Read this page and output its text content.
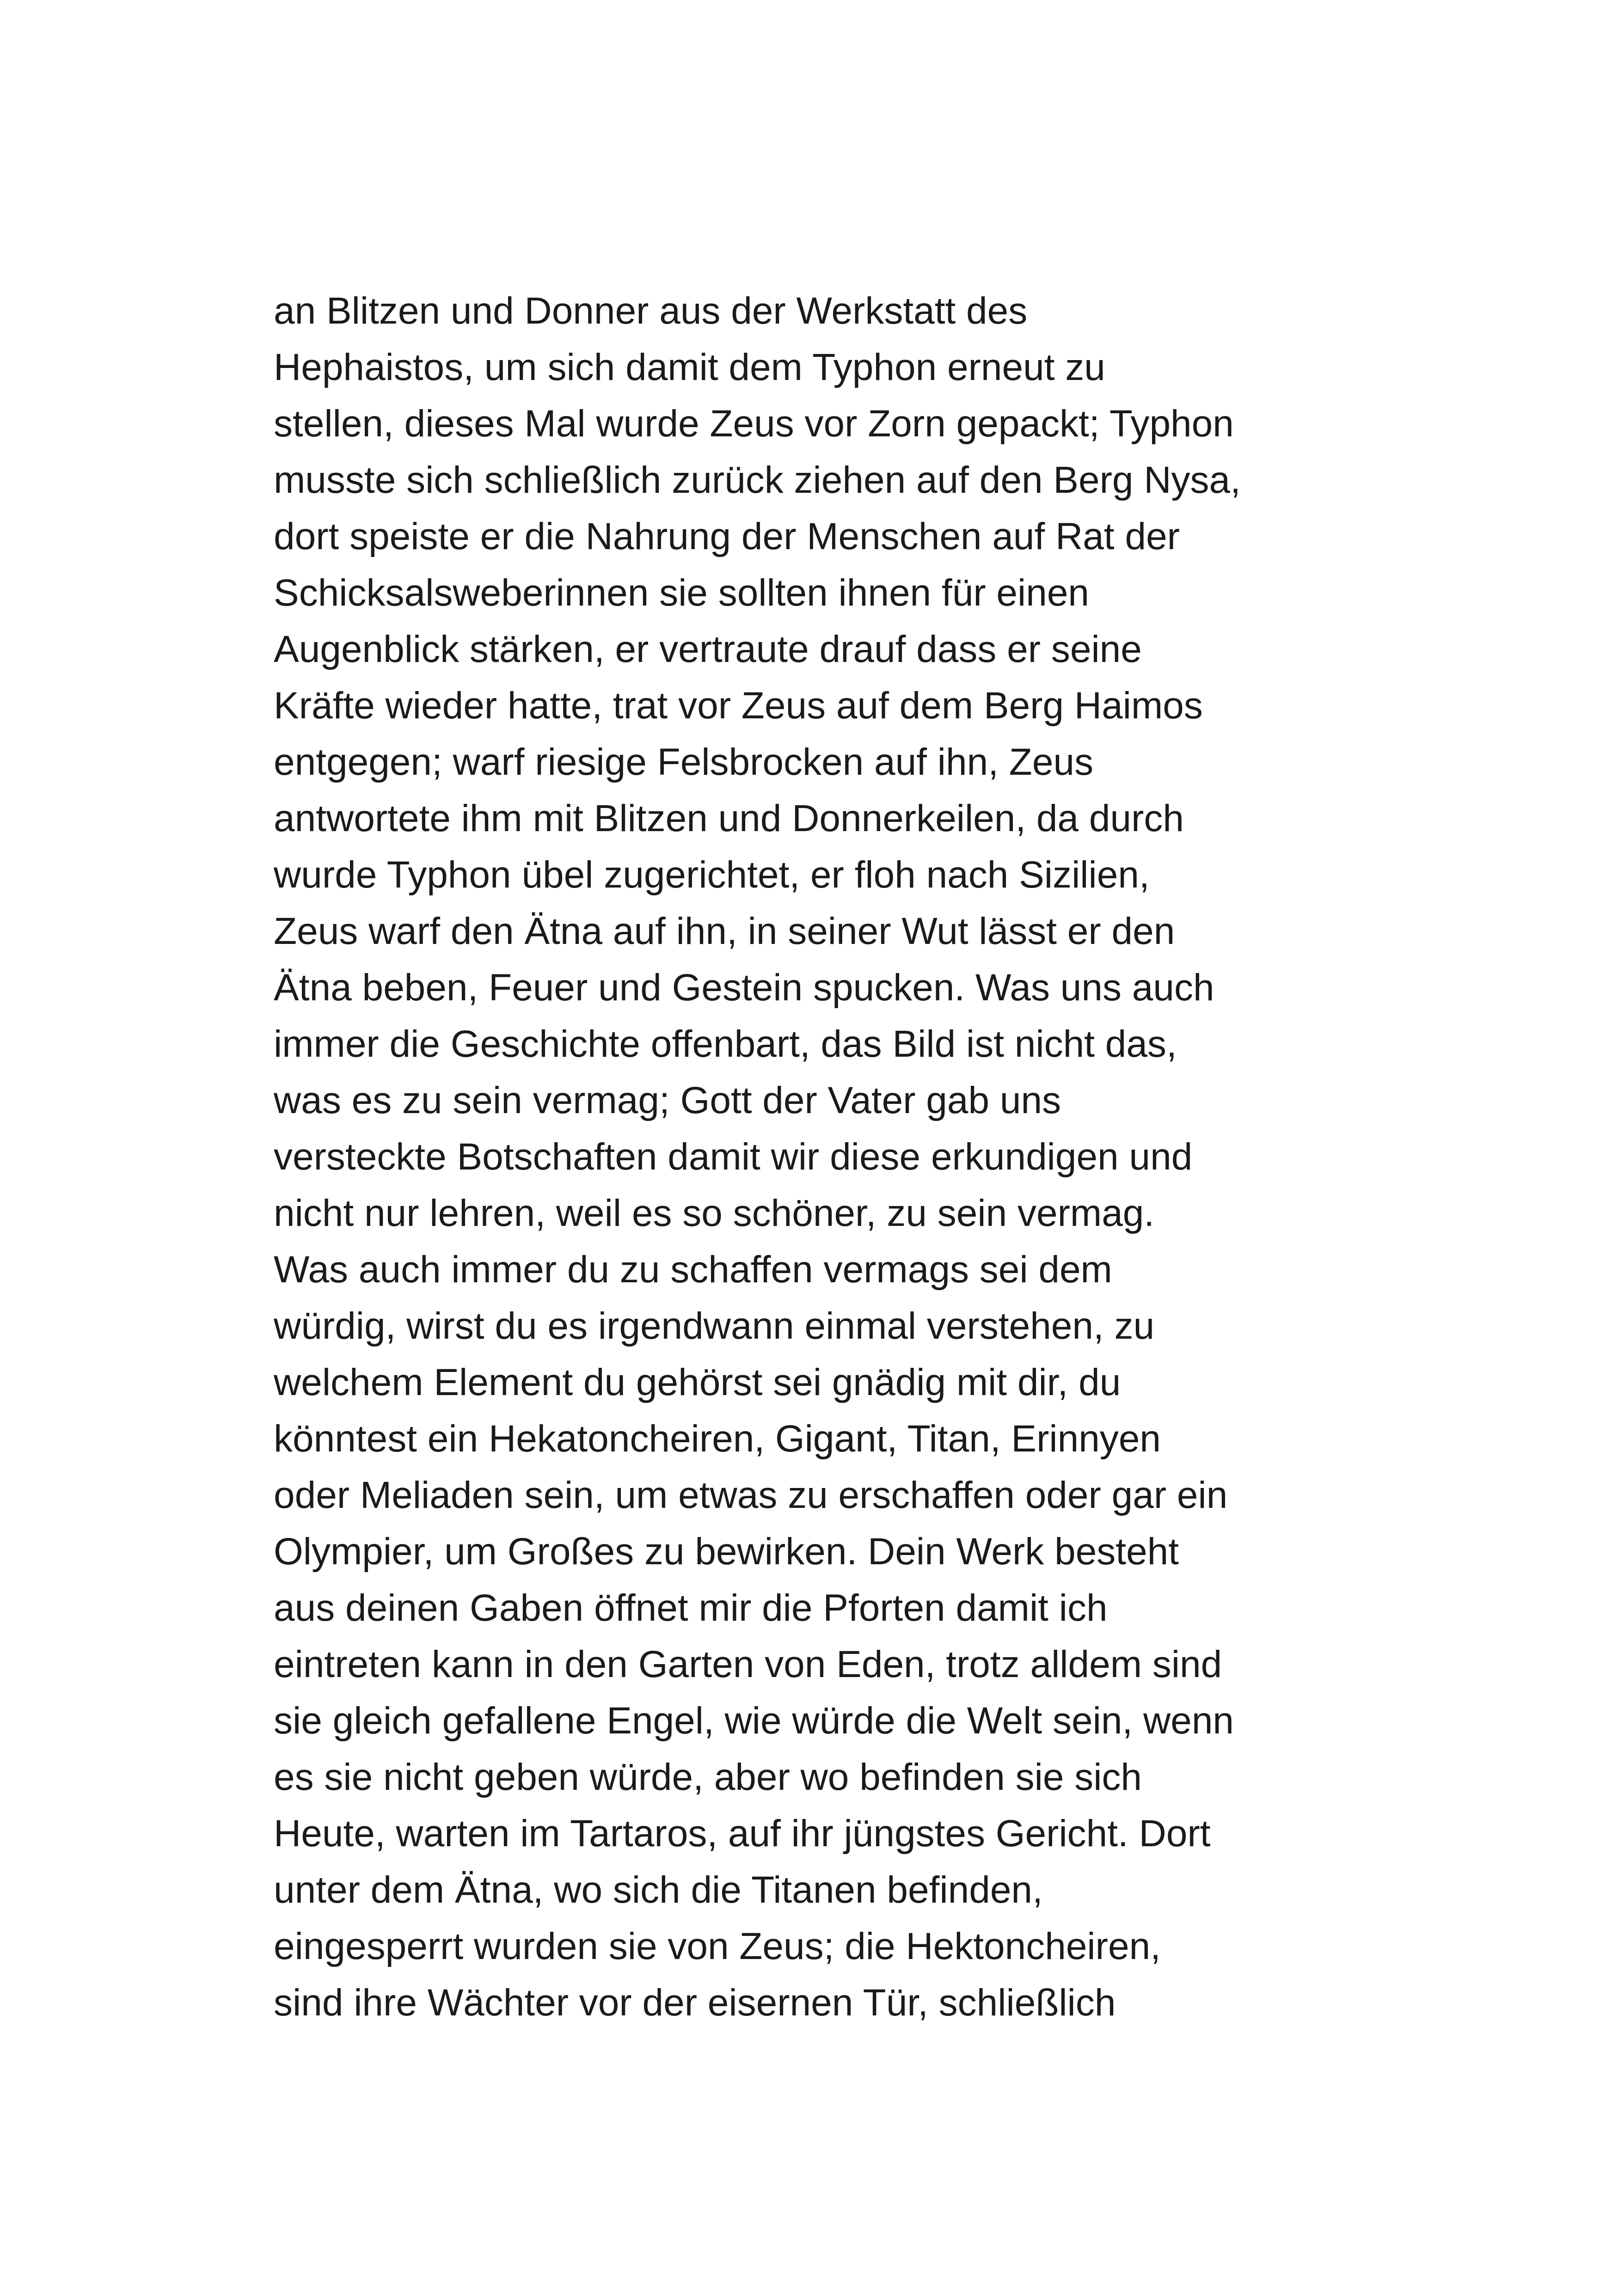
an Blitzen und Donner aus der Werkstatt des
Hephaistos, um sich damit dem Typhon erneut zu
stellen, dieses Mal wurde Zeus vor Zorn gepackt; Typhon
musste sich schließlich zurück ziehen auf den Berg Nysa,
dort speiste er die Nahrung der Menschen auf Rat der
Schicksalsweberinnen sie sollten ihnen für einen
Augenblick stärken, er vertraute drauf dass er seine
Kräfte wieder hatte, trat vor Zeus auf dem Berg Haimos
entgegen; warf riesige Felsbrocken auf ihn, Zeus
antwortete ihm mit Blitzen und Donnerkeilen, da durch
wurde Typhon übel zugerichtet, er floh nach Sizilien,
Zeus warf den Ätna auf ihn, in seiner Wut lässt er den
Ätna beben, Feuer und Gestein spucken. Was uns auch
immer die Geschichte offenbart, das Bild ist nicht das,
was es zu sein vermag; Gott der Vater gab uns
versteckte Botschaften damit wir diese erkundigen und
nicht nur lehren, weil es so schöner, zu sein vermag.
Was auch immer du zu schaffen vermags sei dem
würdig, wirst du es irgendwann einmal verstehen, zu
welchem Element du gehörst sei gnädig mit dir, du
könntest ein Hekatoncheiren, Gigant, Titan, Erinnyen
oder Meliaden sein, um etwas zu erschaffen oder gar ein
Olympier, um Großes zu bewirken. Dein Werk besteht
aus deinen Gaben öffnet mir die Pforten damit ich
eintreten kann in den Garten von Eden, trotz alldem sind
sie gleich gefallene Engel, wie würde die Welt sein, wenn
es sie nicht geben würde, aber wo befinden sie sich
Heute, warten im Tartaros, auf ihr jüngstes Gericht. Dort
unter dem Ätna, wo sich die Titanen befinden,
eingesperrt wurden sie von Zeus; die Hektoncheiren,
sind ihre Wächter vor der eisernen Tür, schließlich
